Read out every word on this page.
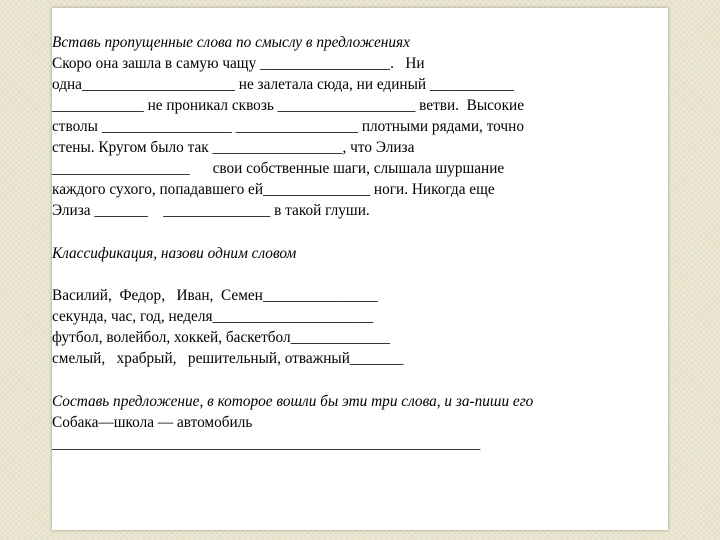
Вставь пропущенные слова по смыслу в предложениях
Скоро она зашла в самую чащу _________________.   Ни
одна____________________ не залетала сюда, ни единый ___________
____________ не проникал сквозь __________________ ветви.  Высокие
стволы _________________ ________________ плотными рядами, точно
стены. Кругом было так _________________, что Элиза
__________________      свои собственные шаги, слышала шуршание
каждого сухого, попадавшего ей______________ ноги. Никогда еще
Элиза _______    ______________ в такой глуши.
Классификация, назови одним словом
Василий,  Федор,   Иван,  Семен_______________
секунда, час, год, неделя_____________________
футбол, волейбол, хоккей, баскетбол_____________
смелый,   храбрый,   решительный, отважный_______
Составь предложение, в которое вошли бы эти три слова, и за-пиши его
Собака—школа — автомобиль
________________________________________________________
